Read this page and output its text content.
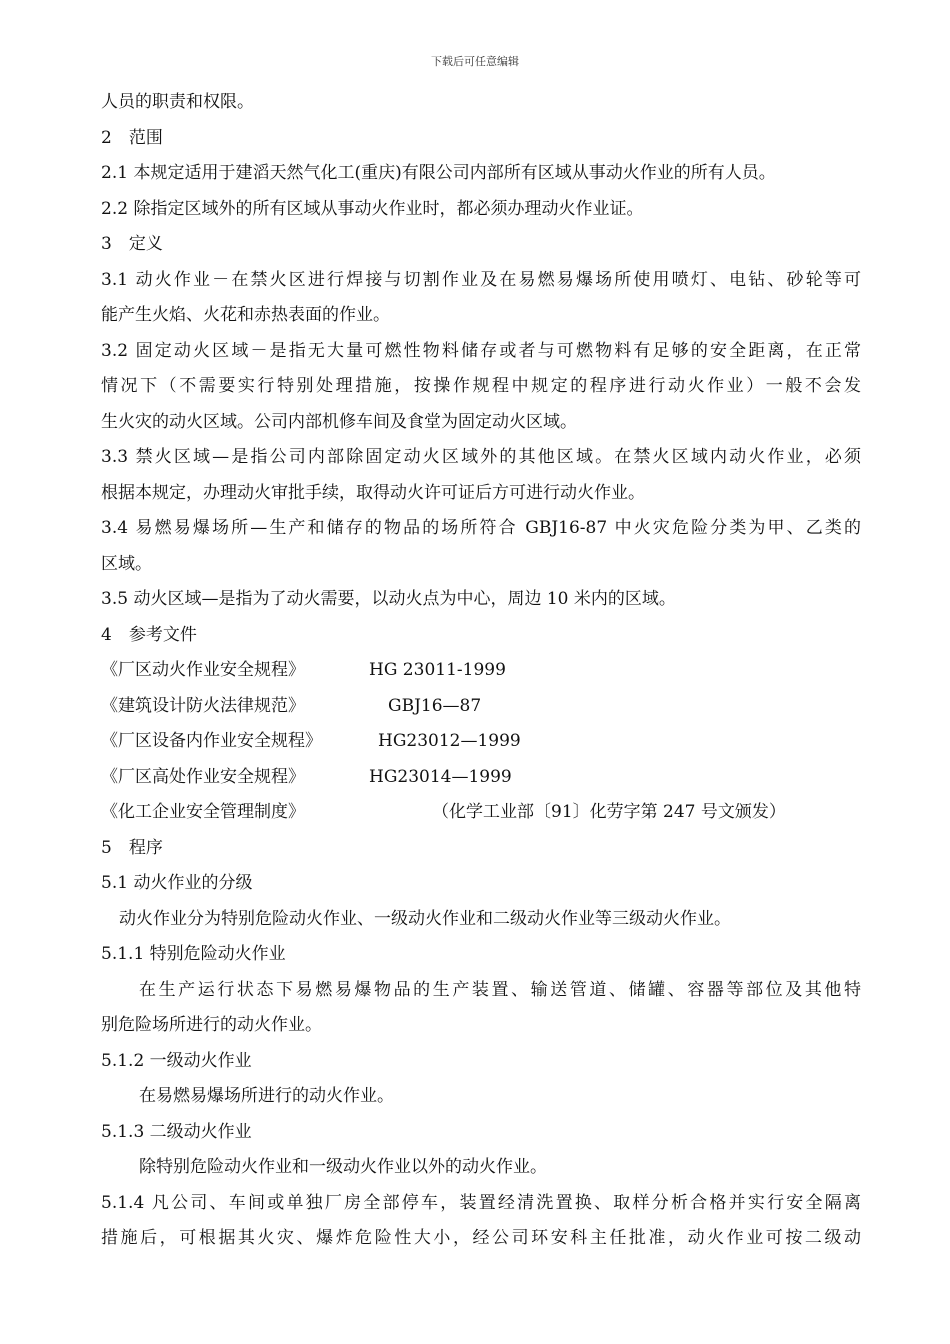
下载后可任意编辑
人员的职责和权限。
2　范围
2.1 本规定适用于建滔天然气化工(重庆)有限公司内部所有区域从事动火作业的所有人员。
2.2 除指定区域外的所有区域从事动火作业时，都必须办理动火作业证。
3　定义
3.1 动火作业－在禁火区进行焊接与切割作业及在易燃易爆场所使用喷灯、电钻、砂轮等可
能产生火焰、火花和赤热表面的作业。
3.2 固定动火区域－是指无大量可燃性物料储存或者与可燃物料有足够的安全距离，在正常
情况下（不需要实行特别处理措施，按操作规程中规定的程序进行动火作业）一般不会发
生火灾的动火区域。公司内部机修车间及食堂为固定动火区域。
3.3 禁火区域—是指公司内部除固定动火区域外的其他区域。在禁火区域内动火作业，必须
根据本规定，办理动火审批手续，取得动火许可证后方可进行动火作业。
3.4 易燃易爆场所—生产和储存的物品的场所符合 GBJ16-87 中火灾危险分类为甲、乙类的
区域。
3.5 动火区域—是指为了动火需要，以动火点为中心，周边 10 米内的区域。
4　参考文件
《厂区动火作业安全规程》	HG 23011-1999
《建筑设计防火法律规范》	GBJ16—87
《厂区设备内作业安全规程》	HG23012—1999
《厂区高处作业安全规程》	HG23014—1999
《化工企业安全管理制度》	（化学工业部〔91〕化劳字第 247 号文颁发）
5　程序
5.1 动火作业的分级
动火作业分为特别危险动火作业、一级动火作业和二级动火作业等三级动火作业。
5.1.1 特别危险动火作业
在生产运行状态下易燃易爆物品的生产装置、输送管道、储罐、容器等部位及其他特
别危险场所进行的动火作业。
5.1.2 一级动火作业
在易燃易爆场所进行的动火作业。
5.1.3 二级动火作业
除特别危险动火作业和一级动火作业以外的动火作业。
5.1.4 凡公司、车间或单独厂房全部停车，装置经清洗置换、取样分析合格并实行安全隔离
措施后，可根据其火灾、爆炸危险性大小，经公司环安科主任批准，动火作业可按二级动
